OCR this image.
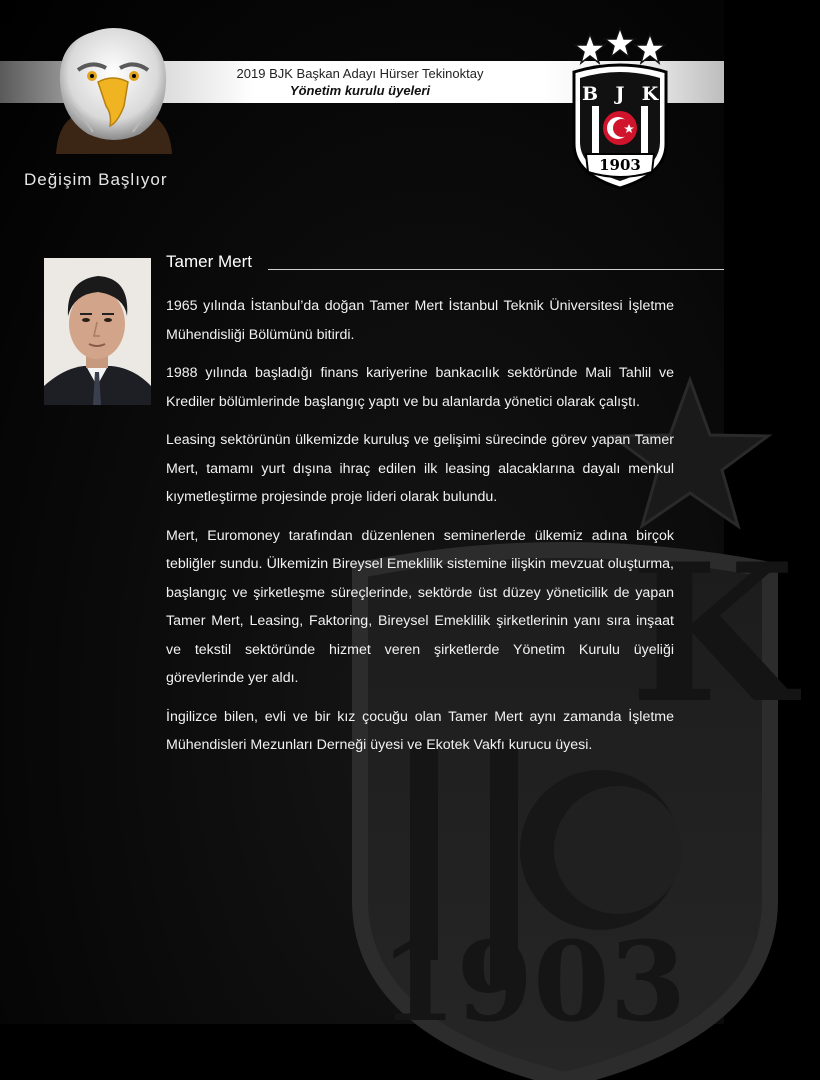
K
1903
2019 BJK Başkan Adayı Hürser Tekinoktay
Yönetim kurulu üyeleri	B J K
1903
Değişim Başlıyor
Tamer Mert

1965 yılında İstanbul’da doğan Tamer Mert İstanbul Teknik Üniversitesi İşletme Mühendisliği Bölümünü bitirdi.

1988 yılında başladığı finans kariyerine bankacılık sektöründe Mali Tahlil ve Krediler bölümlerinde başlangıç yaptı ve bu alanlarda yönetici olarak çalıştı.

Leasing sektörünün ülkemizde kuruluş ve gelişimi sürecinde görev yapan Tamer Mert, tamamı yurt dışına ihraç edilen ilk leasing alacaklarına dayalı menkul kıymetleştirme projesinde proje lideri olarak bulundu.

Mert, Euromoney tarafından düzenlenen seminerlerde ülkemiz adına birçok tebliğler sundu. Ülkemizin Bireysel Emeklilik sistemine ilişkin mevzuat oluşturma, başlangıç ve şirketleşme süreçlerinde, sektörde üst düzey yöneticilik de yapan Tamer Mert, Leasing, Faktoring, Bireysel Emeklilik şirketlerinin yanı sıra inşaat ve tekstil sektöründe hizmet veren şirketlerde Yönetim Kurulu üyeliği görevlerinde yer aldı.

İngilizce bilen, evli ve bir kız çocuğu olan Tamer Mert aynı zamanda İşletme Mühendisleri Mezunları Derneği üyesi ve Ekotek Vakfı kurucu üyesi.
